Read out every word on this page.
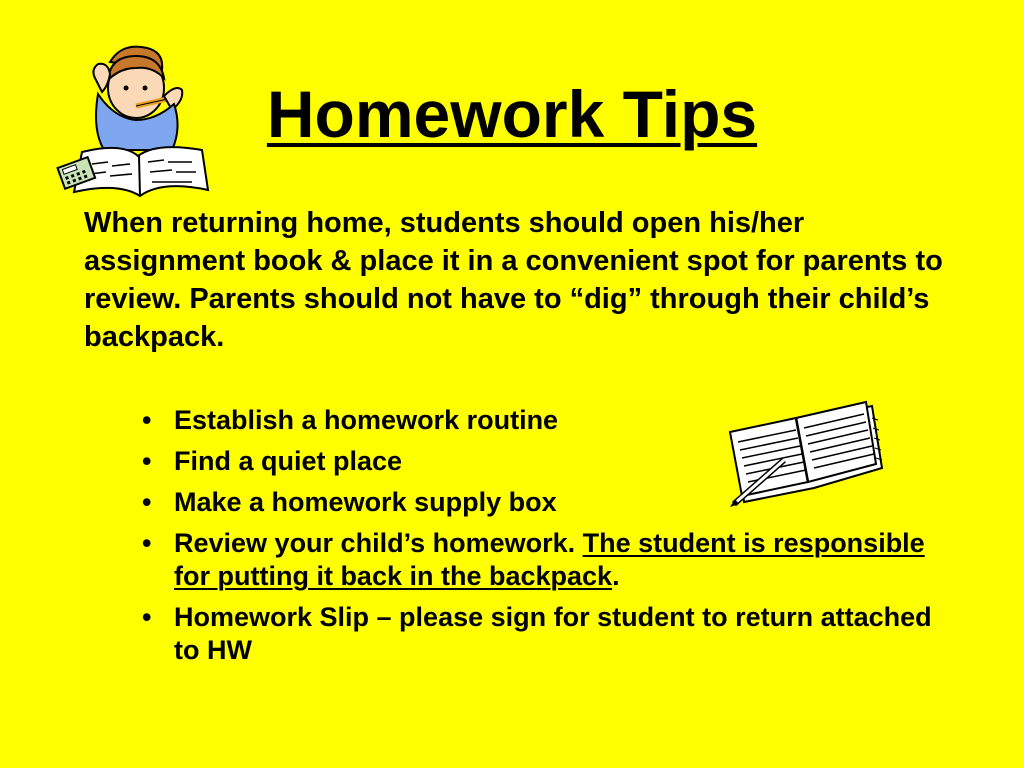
Homework Tips

When returning home, students should open his/her assignment book & place it in a convenient spot for parents to review. Parents should not have to “dig” through their child’s backpack.

• Establish a homework routine
• Find a quiet place
• Make a homework supply box
• Review your child’s homework. The student is responsible for putting it back in the backpack.
• Homework Slip – please sign for student to return attached to HW
